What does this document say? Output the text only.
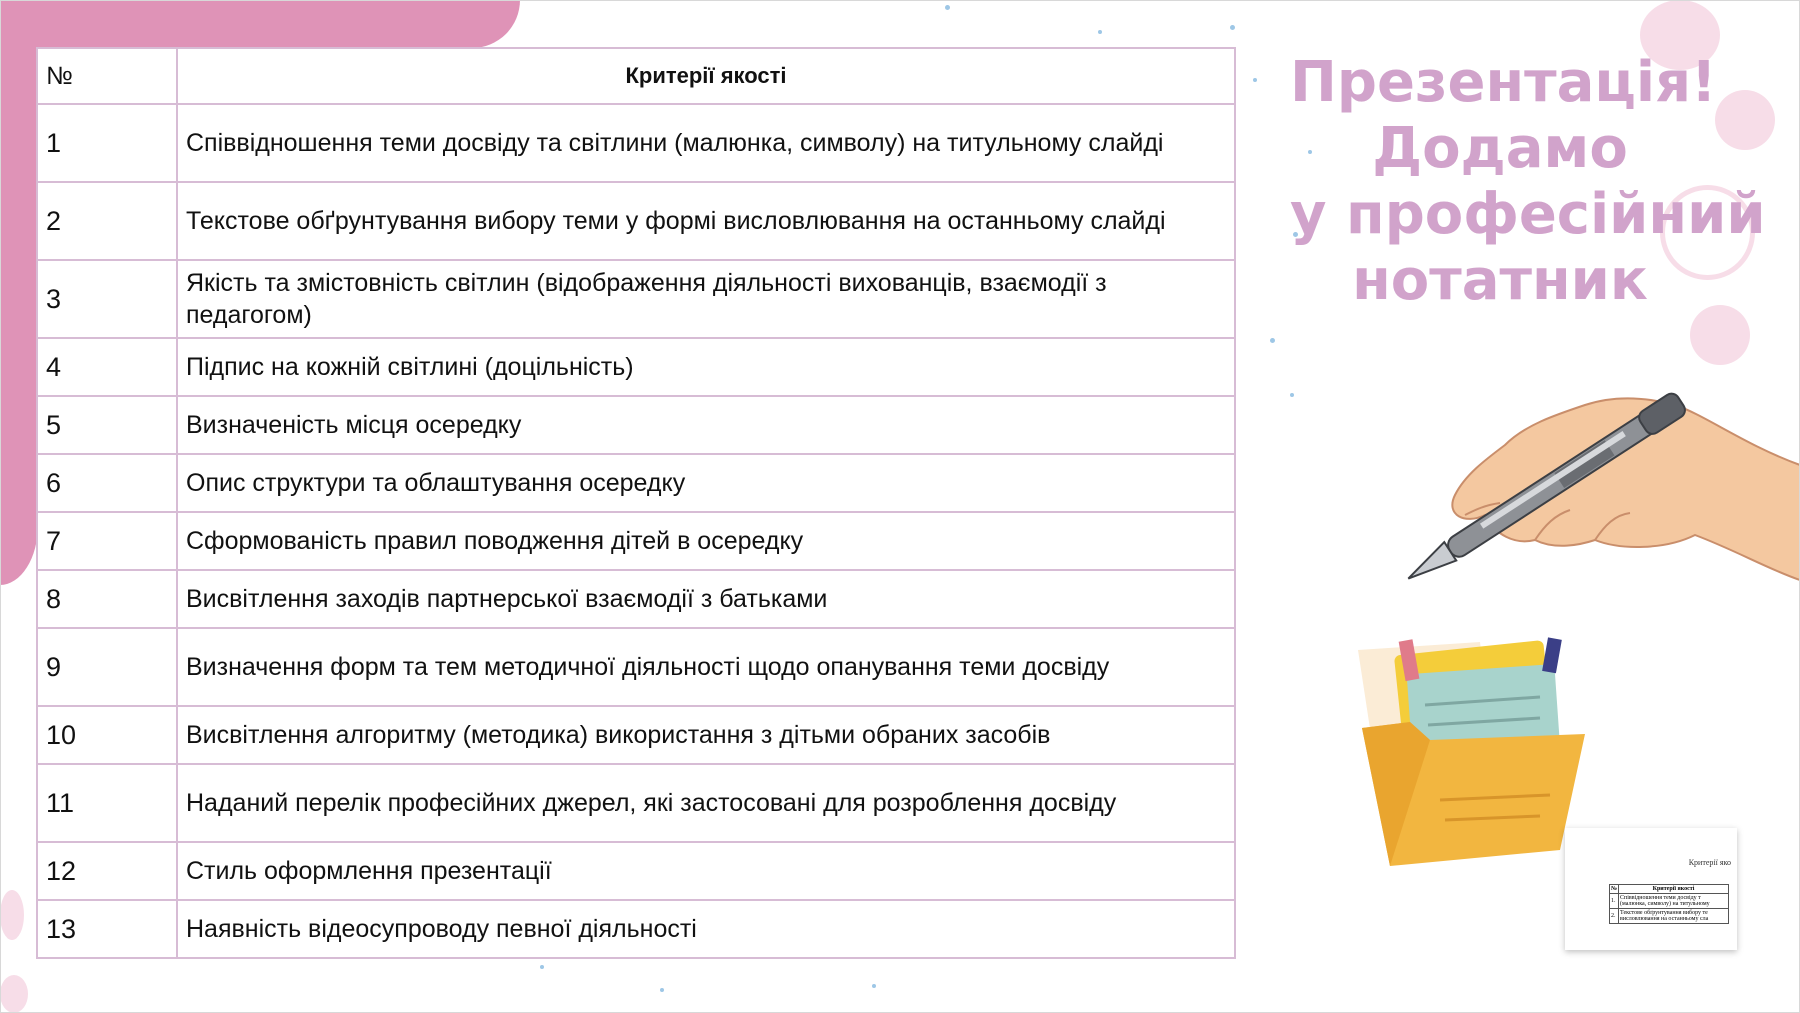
№	Критерії якості
1	Співвідношення теми досвіду та світлини (малюнка, символу) на титульному слайді
2	Текстове обґрунтування вибору теми у формі висловлювання на останньому слайді
3	Якість та змістовність світлин (відображення діяльності вихованців, взаємодії з педагогом)
4	Підпис на кожній світлині (доцільність)
5	Визначеність місця осередку
6	Опис структури та облаштування осередку
7	Сформованість правил поводження дітей в осередку
8	Висвітлення заходів партнерської взаємодії з батьками
9	Визначення форм та тем методичної діяльності щодо опанування теми досвіду
10	Висвітлення алгоритму (методика) використання з дітьми обраних засобів
11	Наданий перелік професійних джерел, які застосовані для розроблення досвіду
12	Стиль оформлення презентації
13	Наявність відеосупроводу певної діяльності
Презентація!
Додамо
у професійний
нотатник
Критерії яко
№	Критерії якості
1.	Співвідношення теми досвіду т (малюнка, символу) на титульному
2.	Текстове обґрунтування вибору те висловлювання на останньому сла
